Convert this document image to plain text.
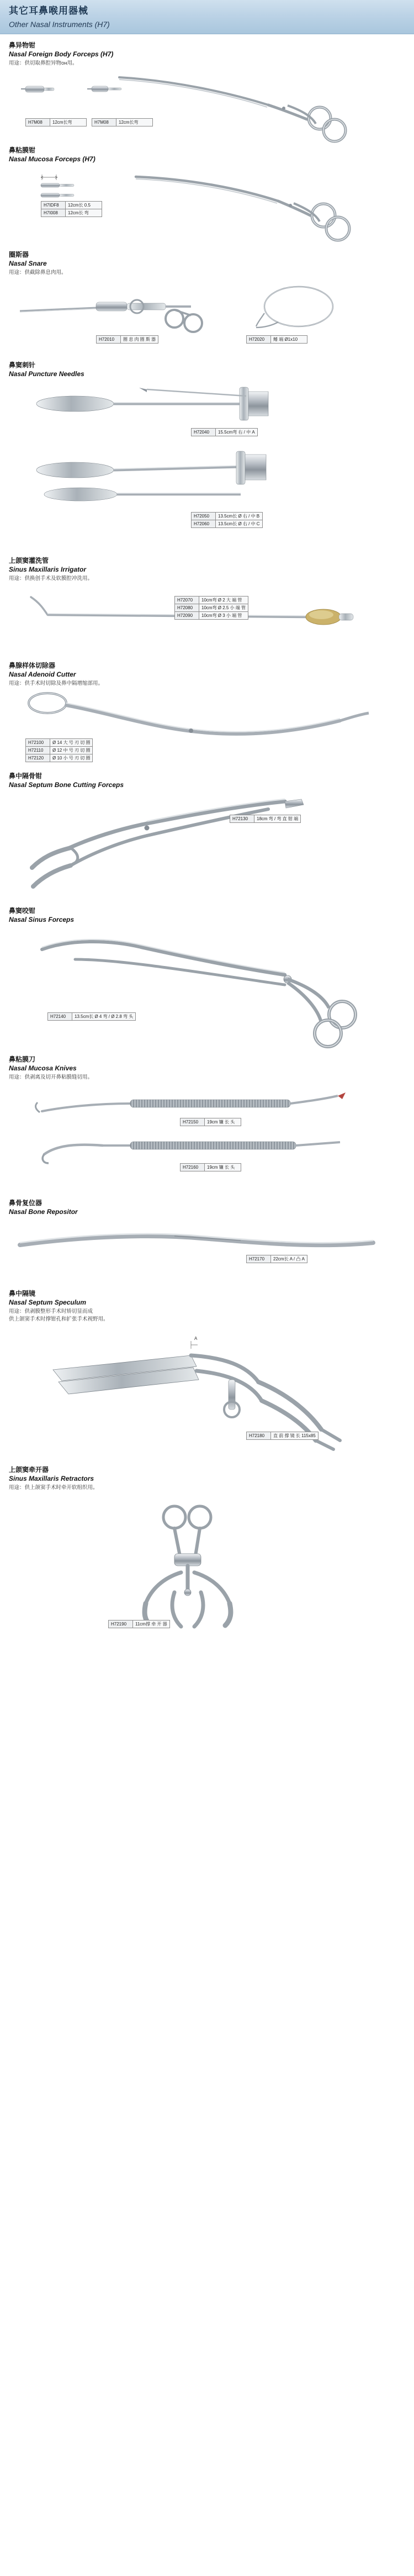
其它耳鼻喉用器械
Other Nasal Instruments (H7)
鼻异物钳
Nasal Foreign Body Forceps (H7)
用途：供切取鼻腔异物он用。
H7M08	12cm长弯	H7M08	12cm长弯
鼻粘膜钳
Nasal Mucosa Forceps (H7)
H7IDF8	12cm长 0.5
H7I008	12cm长 弯
圈斯器
Nasal Snare
用途：供截除鼻息肉用。
H72010	圈 息 肉 圈 斯 器	H72020	鳍 端 Ø1x10
鼻窦刺针
Nasal Puncture Needles
H72040	15.5cm弯 右 / 中 A
H72050	13.5cm长 Ø 右 / 中 B
H72060	13.5cm长 Ø 右 / 中 C
上颌窦灌洗管
Sinus Maxillaris Irrigator
用途：供换创手术及软膜腔冲洗用。
H72070	10cm弯 Ø 2 大 端 管
H72080	10cm弯 Ø 2.5 小 端 管
H72090	10cm弯 Ø 3 小 端 管
鼻腺样体切除器
Nasal Adenoid Cutter
用途：供手术时切除及鼻中隔增缩部用。
H72100	Ø 14 大 号 刃 切 圈
H72110	Ø 12 中 号 刃 切 圈
H72120	Ø 10 小 号 刃 切 圈
鼻中隔骨钳
Nasal Septum Bone Cutting Forceps
H72130	18cm 弯 / 弯 直 钳 端
鼻窦咬钳
Nasal Sinus Forceps
H72140	13.5cm长 Ø 4 弯 / Ø 2.8 弯 头
鼻粘膜刀
Nasal Mucosa Knives
用途：供剥离及切开鼻粘膜缝切用。
H72150	19cm 镰 长 头
H72160	19cm 镰 长 头
鼻骨复位器
Nasal Bone Repositor
H72170	22cm长 A / 凸 A
鼻中隔镜
Nasal Septum Speculum
用途：供剥膜整形手术时矫切显而成
供上颌窦手术时撑钳孔和扩张手术视野用。
A
H72180	直 前 撑 镜 长 115x85
上颌窦牵开器
Sinus Maxillaris Retractors
用途：供上颌窦手术时牵开软组织用。
H72190	11cm撑 牵 开 器
